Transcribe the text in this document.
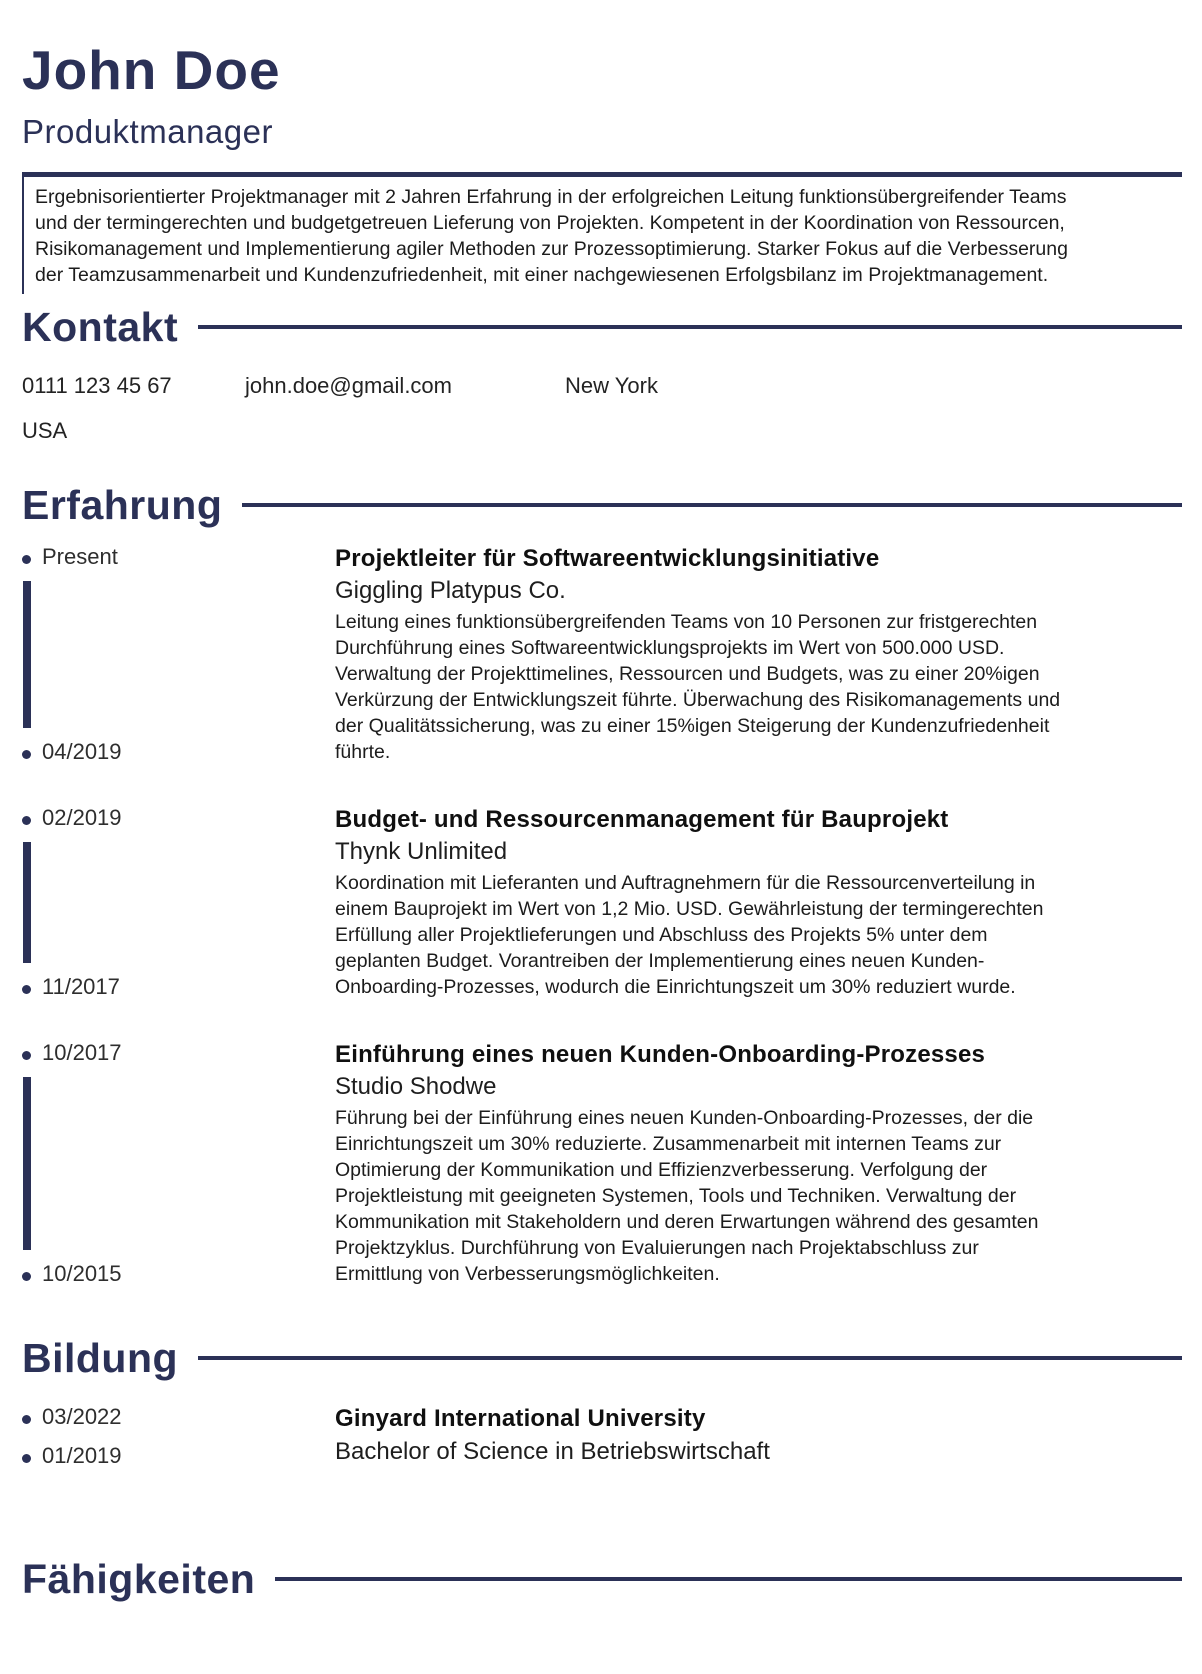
John Doe
Produktmanager
Ergebnisorientierter Projektmanager mit 2 Jahren Erfahrung in der erfolgreichen Leitung funktionsübergreifender Teams und der termingerechten und budgetgetreuen Lieferung von Projekten. Kompetent in der Koordination von Ressourcen, Risikomanagement und Implementierung agiler Methoden zur Prozessoptimierung. Starker Fokus auf die Verbesserung der Teamzusammenarbeit und Kundenzufriedenheit, mit einer nachgewiesenen Erfolgsbilanz im Projektmanagement.
Kontakt
0111 123 45 67	john.doe@gmail.com	New York
USA
Erfahrung
Present
04/2019
Projektleiter für Softwareentwicklungsinitiative
Giggling Platypus Co.
Leitung eines funktionsübergreifenden Teams von 10 Personen zur fristgerechten Durchführung eines Softwareentwicklungsprojekts im Wert von 500.000 USD. Verwaltung der Projekttimelines, Ressourcen und Budgets, was zu einer 20%igen Verkürzung der Entwicklungszeit führte. Überwachung des Risikomanagements und der Qualitätssicherung, was zu einer 15%igen Steigerung der Kundenzufriedenheit führte.
02/2019
11/2017
Budget- und Ressourcenmanagement für Bauprojekt
Thynk Unlimited
Koordination mit Lieferanten und Auftragnehmern für die Ressourcenverteilung in einem Bauprojekt im Wert von 1,2 Mio. USD. Gewährleistung der termingerechten Erfüllung aller Projektlieferungen und Abschluss des Projekts 5% unter dem geplanten Budget. Vorantreiben der Implementierung eines neuen Kunden-Onboarding-Prozesses, wodurch die Einrichtungszeit um 30% reduziert wurde.
10/2017
10/2015
Einführung eines neuen Kunden-Onboarding-Prozesses
Studio Shodwe
Führung bei der Einführung eines neuen Kunden-Onboarding-Prozesses, der die Einrichtungszeit um 30% reduzierte. Zusammenarbeit mit internen Teams zur Optimierung der Kommunikation und Effizienzverbesserung. Verfolgung der Projektleistung mit geeigneten Systemen, Tools und Techniken. Verwaltung der Kommunikation mit Stakeholdern und deren Erwartungen während des gesamten Projektzyklus. Durchführung von Evaluierungen nach Projektabschluss zur Ermittlung von Verbesserungsmöglichkeiten.
Bildung
03/2022
01/2019
Ginyard International University
Bachelor of Science in Betriebswirtschaft
Fähigkeiten
